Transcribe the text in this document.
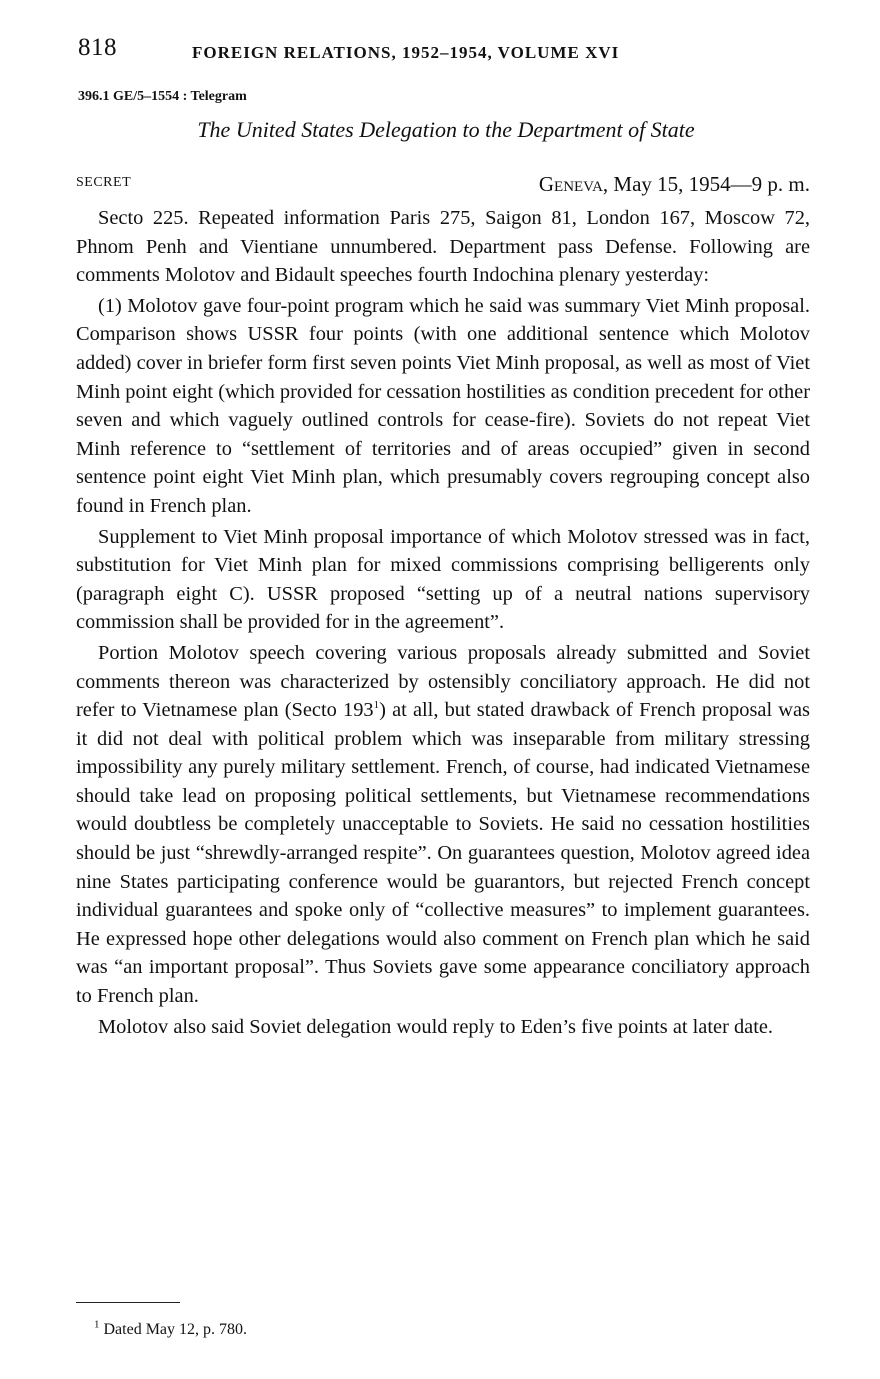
818	FOREIGN RELATIONS, 1952–1954, VOLUME XVI
396.1 GE/5–1554 : Telegram
The United States Delegation to the Department of State
SECRET	Geneva, May 15, 1954—9 p. m.

Secto 225. Repeated information Paris 275, Saigon 81, London 167, Moscow 72, Phnom Penh and Vientiane unnumbered. Department pass Defense. Following are comments Molotov and Bidault speeches fourth Indochina plenary yesterday:

(1) Molotov gave four-point program which he said was summary Viet Minh proposal. Comparison shows USSR four points (with one additional sentence which Molotov added) cover in briefer form first seven points Viet Minh proposal, as well as most of Viet Minh point eight (which provided for cessation hostilities as condition precedent for other seven and which vaguely outlined controls for cease-fire). Soviets do not repeat Viet Minh reference to “settlement of territories and of areas occupied” given in second sentence point eight Viet Minh plan, which presumably covers regrouping concept also found in French plan.

Supplement to Viet Minh proposal importance of which Molotov stressed was in fact, substitution for Viet Minh plan for mixed commissions comprising belligerents only (paragraph eight C). USSR proposed “setting up of a neutral nations supervisory commission shall be provided for in the agreement”.

Portion Molotov speech covering various proposals already submitted and Soviet comments thereon was characterized by ostensibly conciliatory approach. He did not refer to Vietnamese plan (Secto $193^1$) at all, but stated drawback of French proposal was it did not deal with political problem which was inseparable from military stressing impossibility any purely military settlement. French, of course, had indicated Vietnamese should take lead on proposing political settlements, but Vietnamese recommendations would doubtless be completely unacceptable to Soviets. He said no cessation hostilities should be just “shrewdly-arranged respite”. On guarantees question, Molotov agreed idea nine States participating conference would be guarantors, but rejected French concept individual guarantees and spoke only of “collective measures” to implement guarantees. He expressed hope other delegations would also comment on French plan which he said was “an important proposal”. Thus Soviets gave some appearance conciliatory approach to French plan.

Molotov also said Soviet delegation would reply to Eden’s five points at later date.

$^1$ Dated May 12, p. 780.
